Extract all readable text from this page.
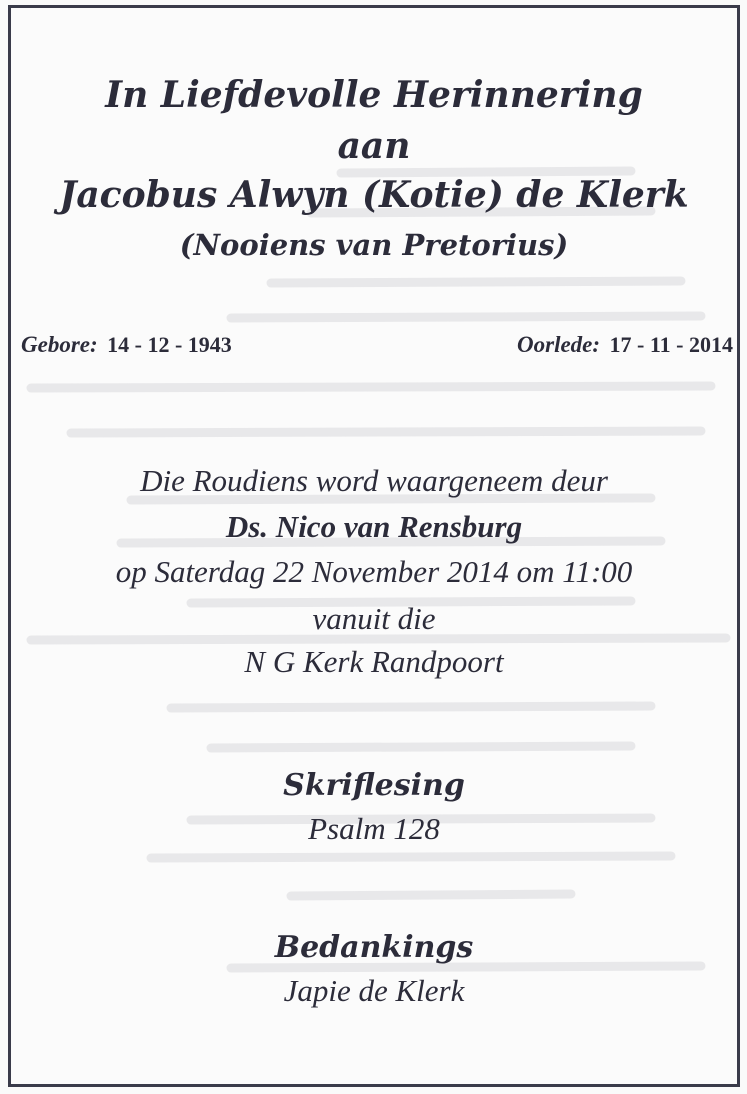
In Liefdevolle Herinnering
aan
Jacobus Alwyn (Kotie) de Klerk
(Nooiens van Pretorius)
Gebore: 14 - 12 - 1943	Oorlede: 17 - 11 - 2014
Die Roudiens word waargeneem deur
Ds. Nico van Rensburg
op Saterdag 22 November 2014 om 11:00
vanuit die
N G Kerk Randpoort
Skriflesing
Psalm 128
Bedankings
Japie de Klerk
